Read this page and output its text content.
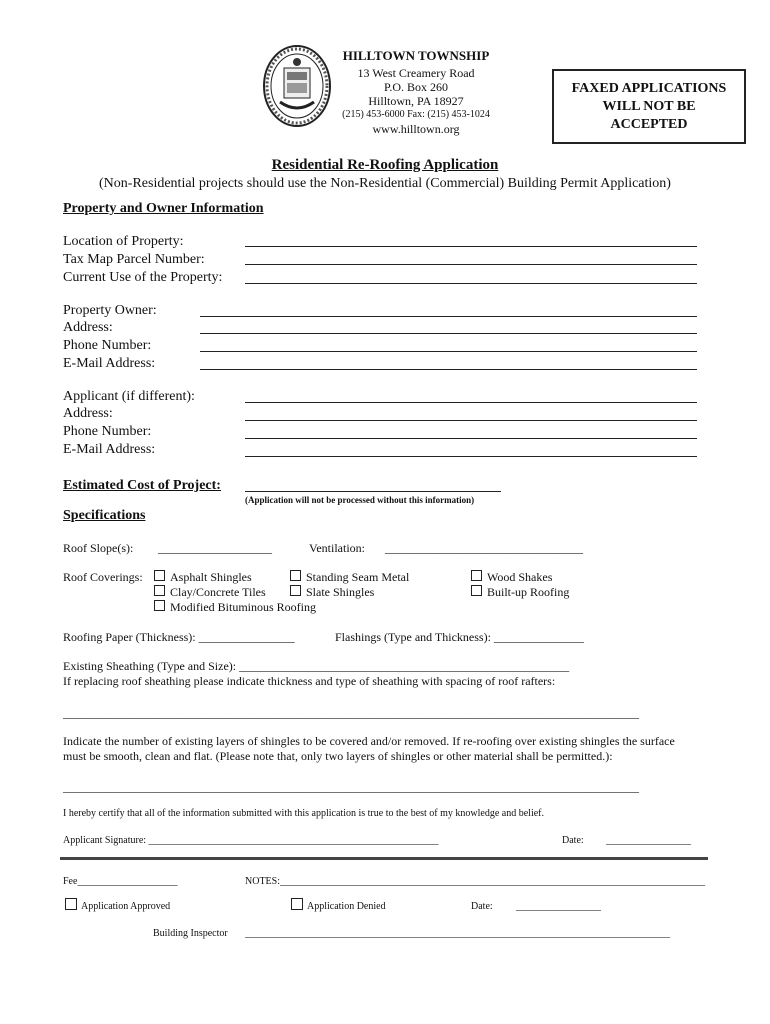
HILLTOWN TOWNSHIP
13 West Creamery Road
P.O. Box 260
Hilltown, PA 18927
(215) 453-6000 Fax: (215) 453-1024
www.hilltown.org
FAXED APPLICATIONS
WILL NOT BE
ACCEPTED
Residential Re-Roofing Application
(Non-Residential projects should use the Non-Residential (Commercial) Building Permit Application)
Property and Owner Information
Location of Property:
Tax Map Parcel Number:
Current Use of the Property:
Property Owner:
Address:
Phone Number:
E-Mail Address:
Applicant (if different):
Address:
Phone Number:
E-Mail Address:
Estimated Cost of Project:
(Application will not be processed without this information)
Specifications
Roof Slope(s): ___________________	Ventilation: _________________________________
Roof Coverings:	Asphalt Shingles	Standing Seam Metal	Wood Shakes
Clay/Concrete Tiles	Slate Shingles	Built-up Roofing
Modified Bituminous Roofing
Roofing Paper (Thickness): ________________	Flashings (Type and Thickness): _______________
Existing Sheathing (Type and Size): _______________________________________________________
If replacing roof sheathing please indicate thickness and type of sheathing with spacing of roof rafters:
________________________________________________________________________________________________
Indicate the number of existing layers of shingles to be covered and/or removed. If re-roofing over existing shingles the surface
must be smooth, clean and flat. (Please note that, only two layers of shingles or other material shall be permitted.):
________________________________________________________________________________________________
I hereby certify that all of the information submitted with this application is true to the best of my knowledge and belief.
Applicant Signature: __________________________________________________________	Date: _________________
Fee____________________	NOTES:_____________________________________________________________________________________
Application Approved	Application Denied	Date: _________________
Building Inspector _____________________________________________________________________________________
